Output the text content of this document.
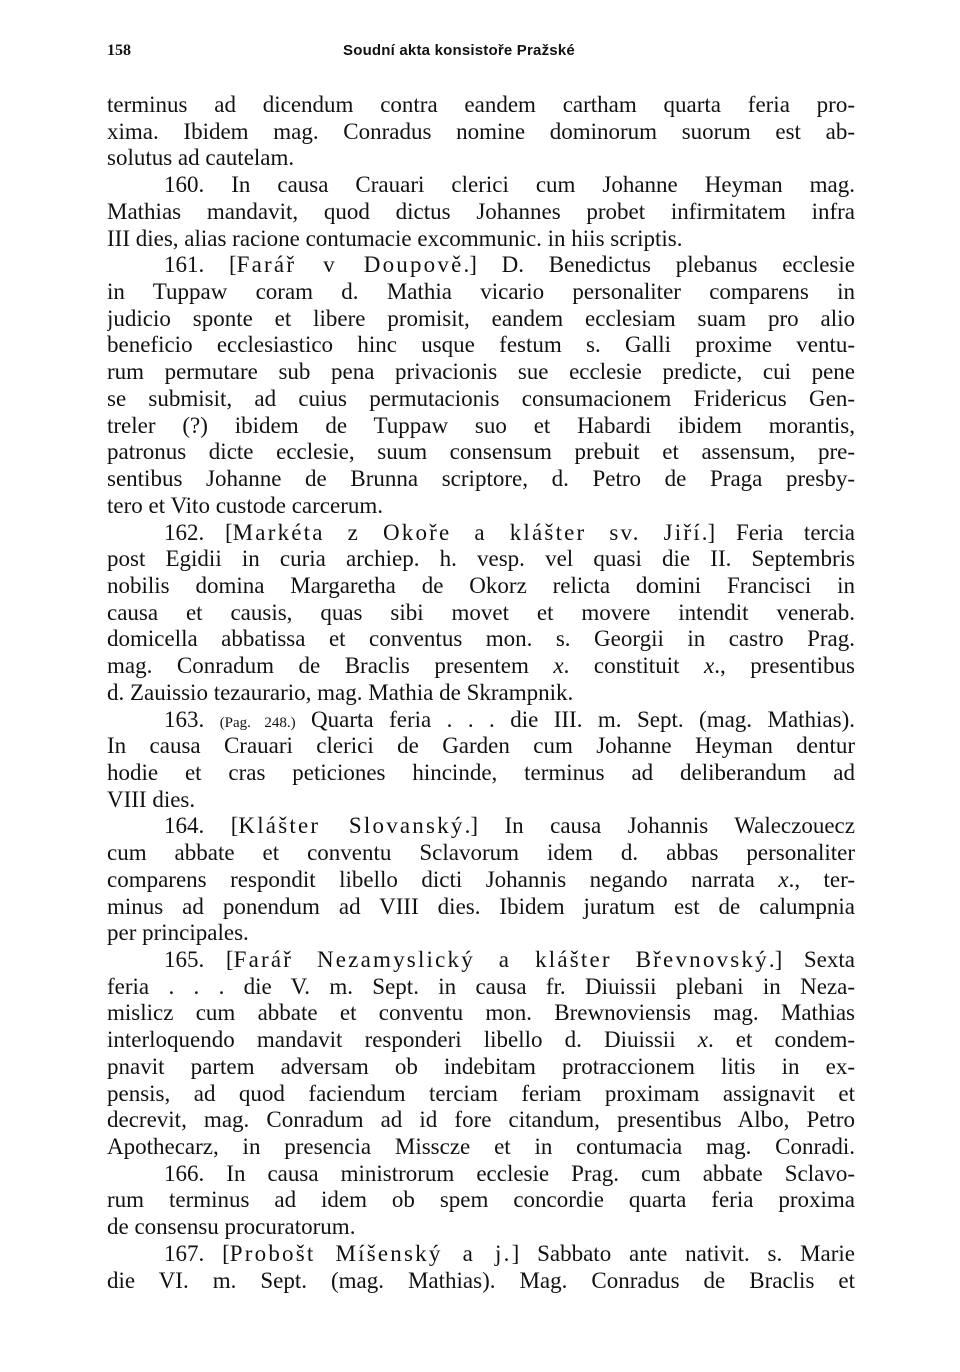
158	Soudní akta konsistoře Pražské
terminus ad dicendum contra eandem cartham quarta feria pro-
xima. Ibidem mag. Conradus nomine dominorum suorum est ab-
solutus ad cautelam.
160. In causa Crauari clerici cum Johanne Heyman mag.
Mathias mandavit, quod dictus Johannes probet infirmitatem infra
III dies, alias racione contumacie excommunic. in hiis scriptis.
161. [Farář v Doupově.] D. Benedictus plebanus ecclesie
in Tuppaw coram d. Mathia vicario personaliter comparens in
judicio sponte et libere promisit, eandem ecclesiam suam pro alio
beneficio ecclesiastico hinc usque festum s. Galli proxime ventu-
rum permutare sub pena privacionis sue ecclesie predicte, cui pene
se submisit, ad cuius permutacionis consumacionem Fridericus Gen-
treler (?) ibidem de Tuppaw suo et Habardi ibidem morantis,
patronus dicte ecclesie, suum consensum prebuit et assensum, pre-
sentibus Johanne de Brunna scriptore, d. Petro de Praga presby-
tero et Vito custode carcerum.
162. [Markéta z Okoře a klášter sv. Jiří.] Feria tercia
post Egidii in curia archiep. h. vesp. vel quasi die II. Septembris
nobilis domina Margaretha de Okorz relicta domini Francisci in
causa et causis, quas sibi movet et movere intendit venerab.
domicella abbatissa et conventus mon. s. Georgii in castro Prag.
mag. Conradum de Braclis presentem x. constituit x., presentibus
d. Zauissio tezaurario, mag. Mathia de Skrampnik.
163. (Pag. 248.) Quarta feria . . . die III. m. Sept. (mag. Mathias).
In causa Crauari clerici de Garden cum Johanne Heyman dentur
hodie et cras peticiones hincinde, terminus ad deliberandum ad
VIII dies.
164. [Klášter Slovanský.] In causa Johannis Waleczouecz
cum abbate et conventu Sclavorum idem d. abbas personaliter
comparens respondit libello dicti Johannis negando narrata x., ter-
minus ad ponendum ad VIII dies. Ibidem juratum est de calumpnia
per principales.
165. [Farář Nezamyslický a klášter Břevnovský.] Sexta
feria . . . die V. m. Sept. in causa fr. Diuissii plebani in Neza-
mislicz cum abbate et conventu mon. Brewnoviensis mag. Mathias
interloquendo mandavit responderi libello d. Diuissii x. et condem-
pnavit partem adversam ob indebitam protraccionem litis in ex-
pensis, ad quod faciendum terciam feriam proximam assignavit et
decrevit, mag. Conradum ad id fore citandum, presentibus Albo, Petro
Apothecarz, in presencia Misscze et in contumacia mag. Conradi.
166. In causa ministrorum ecclesie Prag. cum abbate Sclavo-
rum terminus ad idem ob spem concordie quarta feria proxima
de consensu procuratorum.
167. [Probošt Míšenský a j.] Sabbato ante nativit. s. Marie
die VI. m. Sept. (mag. Mathias). Mag. Conradus de Braclis et
